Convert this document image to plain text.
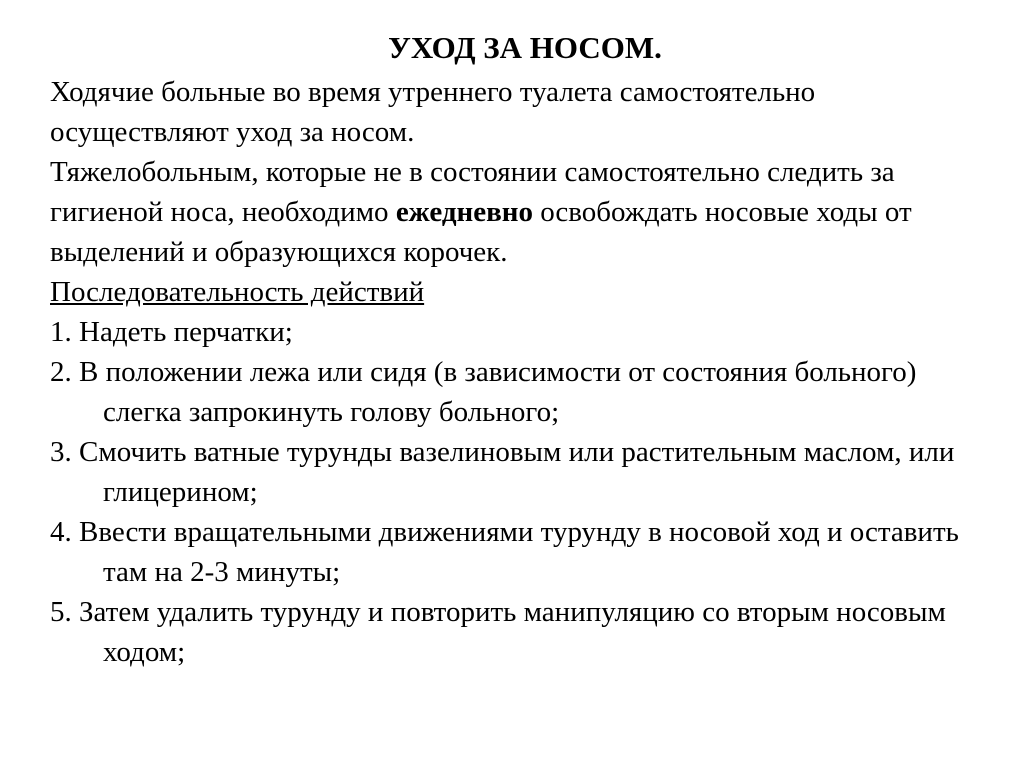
УХОД ЗА НОСОМ.

Ходячие больные во время утреннего туалета самостоятельно осуществляют уход за носом.

Тяжелобольным, которые не в состоянии самостоятельно следить за гигиеной носа, необходимо ежедневно освобождать носовые ходы от выделений и образующихся корочек.

Последовательность действий

1. Надеть перчатки;
2. В положении лежа или сидя (в зависимости от состояния больного) слегка запрокинуть голову больного;
3. Смочить ватные турунды вазелиновым или растительным маслом, или глицерином;
4. Ввести вращательными движениями турунду в носовой ход и оставить там на 2-3 минуты;
5. Затем удалить турунду и повторить манипуляцию со вторым носовым ходом;
